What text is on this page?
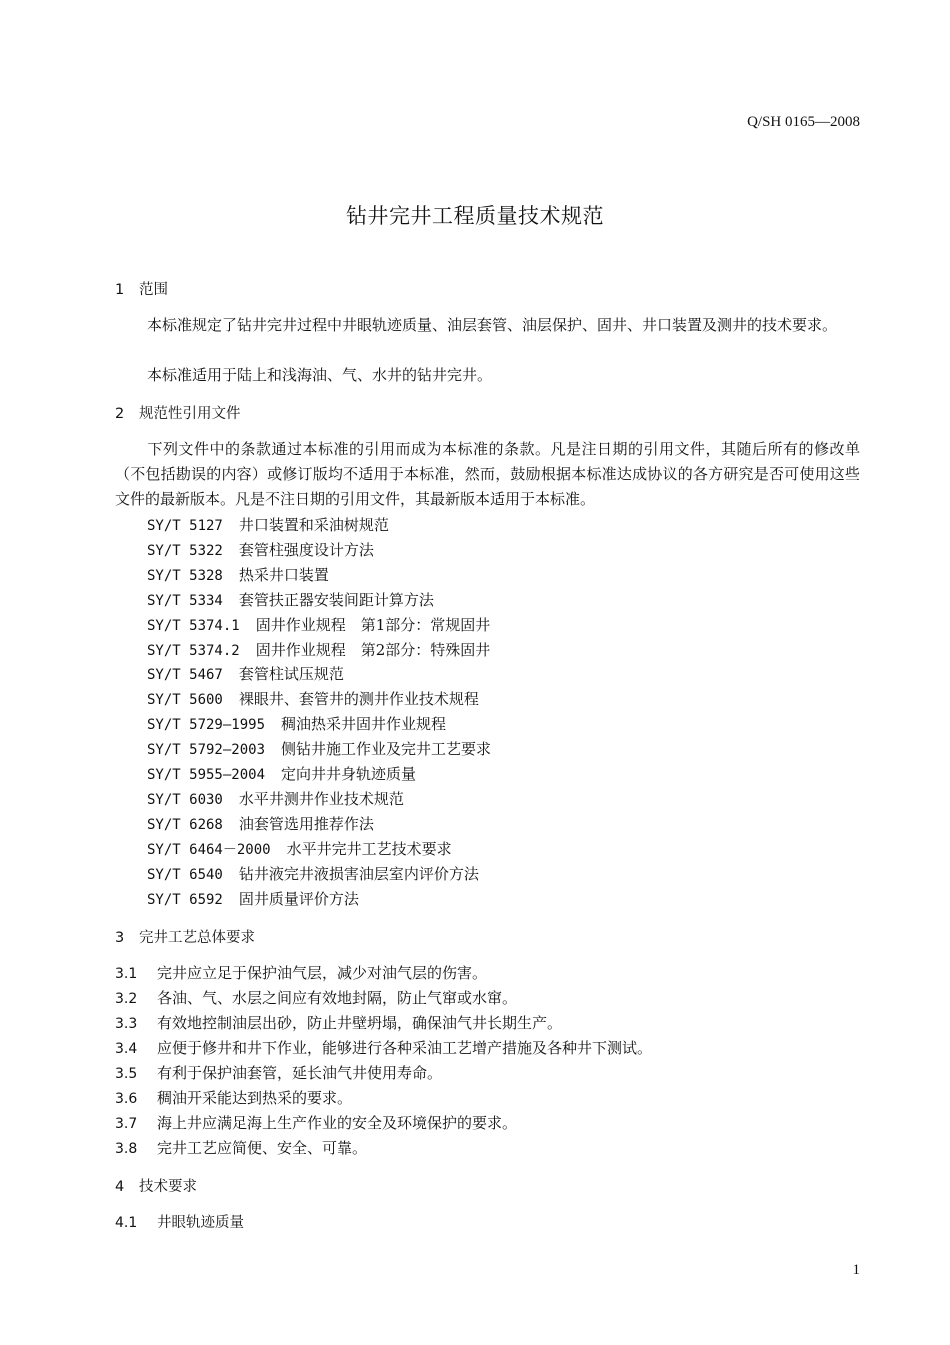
Q/SH 0165—2008
钻井完井工程质量技术规范
1 范围
本标准规定了钻井完井过程中井眼轨迹质量、油层套管、油层保护、固井、井口装置及测井的技术要求。
本标准适用于陆上和浅海油、气、水井的钻井完井。
2 规范性引用文件
下列文件中的条款通过本标准的引用而成为本标准的条款。凡是注日期的引用文件，其随后所有的修改单（不包括勘误的内容）或修订版均不适用于本标准，然而，鼓励根据本标准达成协议的各方研究是否可使用这些文件的最新版本。凡是不注日期的引用文件，其最新版本适用于本标准。
SY/T 5127 井口装置和采油树规范
SY/T 5322 套管柱强度设计方法
SY/T 5328 热采井口装置
SY/T 5334 套管扶正器安装间距计算方法
SY/T 5374.1 固井作业规程　第1部分：常规固井
SY/T 5374.2 固井作业规程　第2部分：特殊固井
SY/T 5467 套管柱试压规范
SY/T 5600 裸眼井、套管井的测井作业技术规程
SY/T 5729—1995 稠油热采井固井作业规程
SY/T 5792—2003 侧钻井施工作业及完井工艺要求
SY/T 5955—2004 定向井井身轨迹质量
SY/T 6030 水平井测井作业技术规范
SY/T 6268 油套管选用推荐作法
SY/T 6464－2000 水平井完井工艺技术要求
SY/T 6540 钻井液完井液损害油层室内评价方法
SY/T 6592 固井质量评价方法
3 完井工艺总体要求
3.1 完井应立足于保护油气层，减少对油气层的伤害。
3.2 各油、气、水层之间应有效地封隔，防止气窜或水窜。
3.3 有效地控制油层出砂，防止井壁坍塌，确保油气井长期生产。
3.4 应便于修井和井下作业，能够进行各种采油工艺增产措施及各种井下测试。
3.5 有利于保护油套管，延长油气井使用寿命。
3.6 稠油开采能达到热采的要求。
3.7 海上井应满足海上生产作业的安全及环境保护的要求。
3.8 完井工艺应简便、安全、可靠。
4 技术要求
4.1 井眼轨迹质量
1
